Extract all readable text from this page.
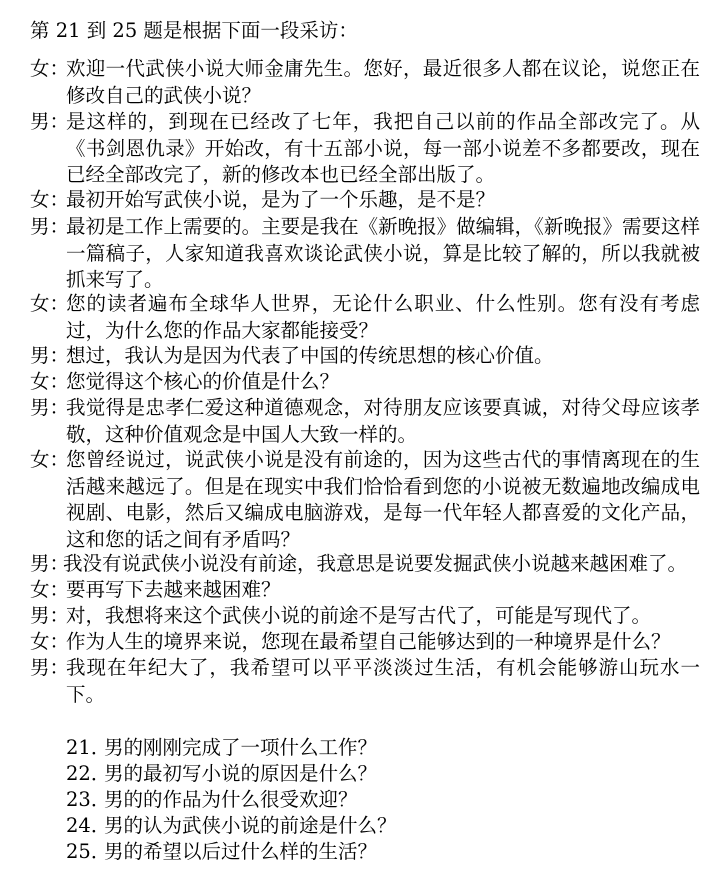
第 21 到 25 题是根据下面一段采访：
女：
欢迎一代武侠小说大师金庸先生。您好，最近很多人都在议论，说您正在修改自己的武侠小说？
男：
是这样的，到现在已经改了七年，我把自己以前的作品全部改完了。从《书剑恩仇录》开始改，有十五部小说，每一部小说差不多都要改，现在已经全部改完了，新的修改本也已经全部出版了。
女：
最初开始写武侠小说，是为了一个乐趣，是不是？
男：
最初是工作上需要的。主要是我在《新晚报》做编辑，《新晚报》需要这样一篇稿子，人家知道我喜欢谈论武侠小说，算是比较了解的，所以我就被抓来写了。
女：
您的读者遍布全球华人世界，无论什么职业、什么性别。您有没有考虑过，为什么您的作品大家都能接受？
男：
想过，我认为是因为代表了中国的传统思想的核心价值。
女：
您觉得这个核心的价值是什么？
男：
我觉得是忠孝仁爱这种道德观念，对待朋友应该要真诚，对待父母应该孝敬，这种价值观念是中国人大致一样的。
女：
您曾经说过，说武侠小说是没有前途的，因为这些古代的事情离现在的生活越来越远了。但是在现实中我们恰恰看到您的小说被无数遍地改编成电视剧、电影，然后又编成电脑游戏，是每一代年轻人都喜爱的文化产品，这和您的话之间有矛盾吗？
男：
我没有说武侠小说没有前途，我意思是说要发掘武侠小说越来越困难了。
女：
要再写下去越来越困难？
男：
对，我想将来这个武侠小说的前途不是写古代了，可能是写现代了。
女：
作为人生的境界来说，您现在最希望自己能够达到的一种境界是什么？
男：
我现在年纪大了，我希望可以平平淡淡过生活，有机会能够游山玩水一下。
21．男的刚刚完成了一项什么工作？
22．男的最初写小说的原因是什么？
23．男的的作品为什么很受欢迎？
24．男的认为武侠小说的前途是什么？
25．男的希望以后过什么样的生活？
